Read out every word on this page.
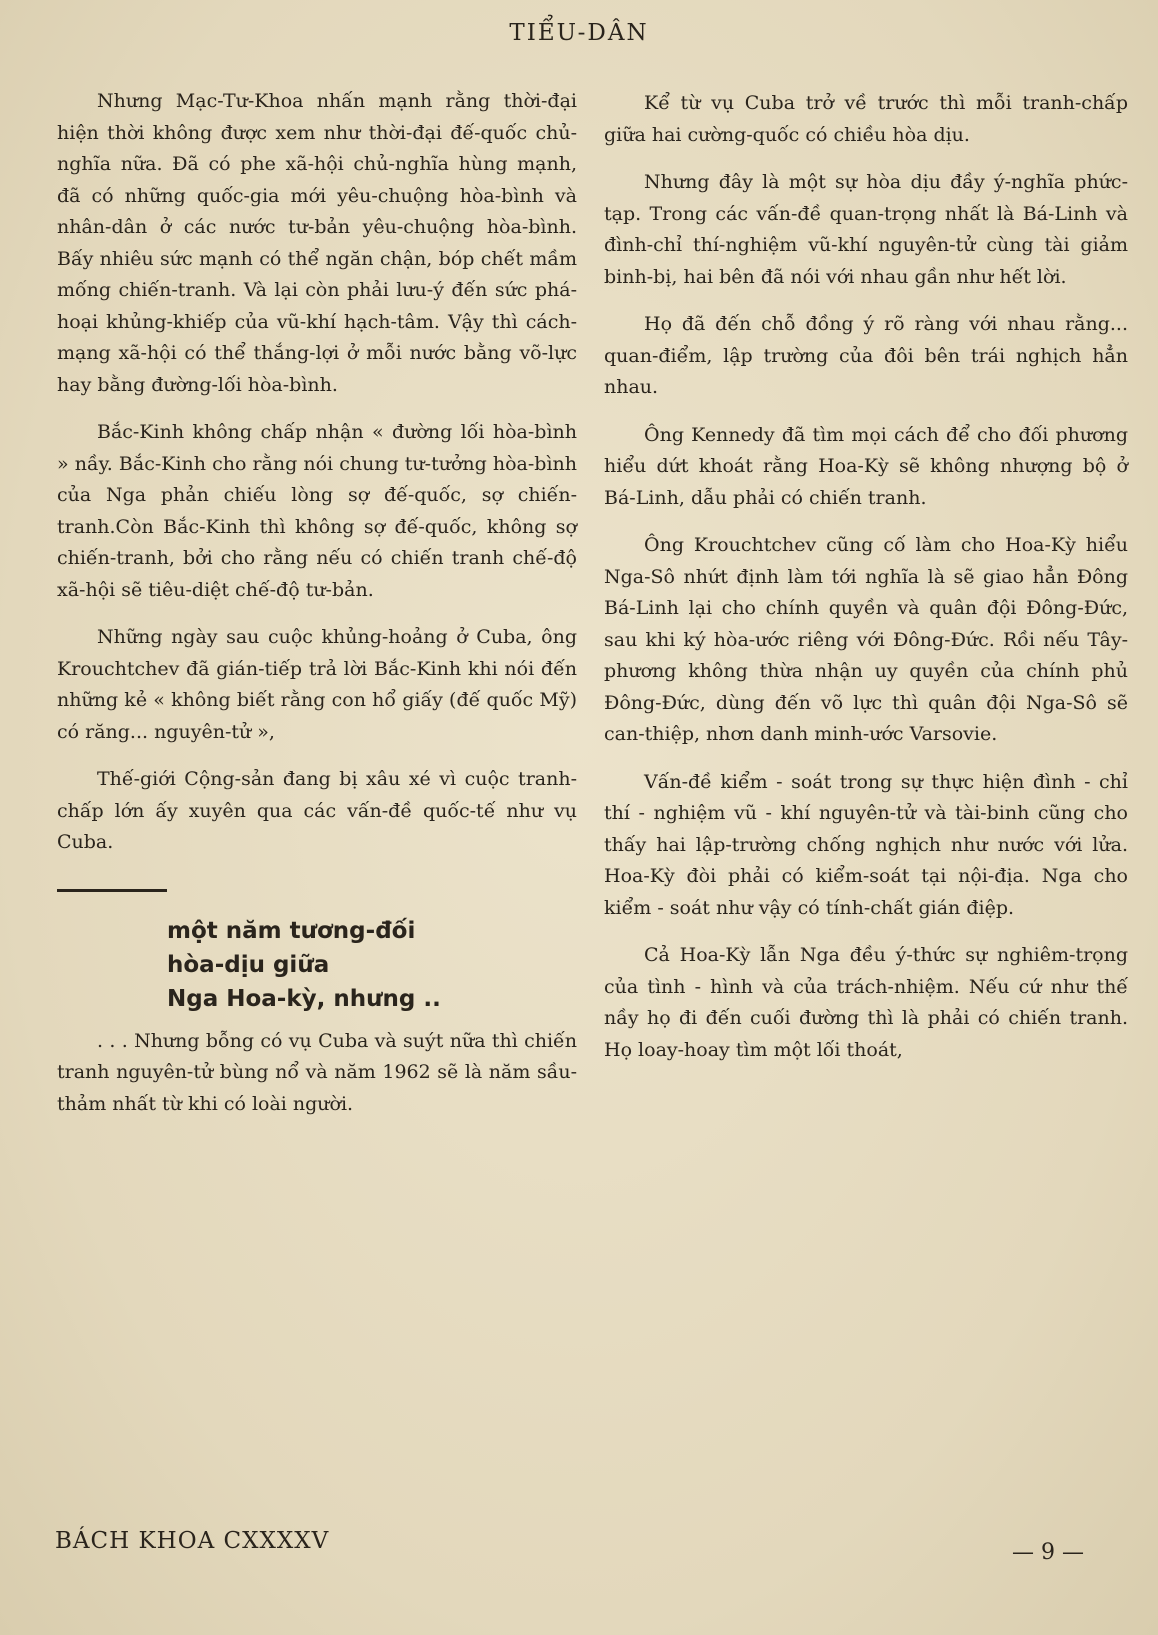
TIỂU-DÂN

Nhưng Mạc-Tư-Khoa nhấn mạnh rằng thời-đại hiện thời không được xem như thời-đại đế-quốc chủ-nghĩa nữa. Đã có phe xã-hội chủ-nghĩa hùng mạnh, đã có những quốc-gia mới yêu-chuộng hòa-bình và nhân-dân ở các nước tư-bản yêu-chuộng hòa-bình. Bấy nhiêu sức mạnh có thể ngăn chận, bóp chết mầm mống chiến-tranh. Và lại còn phải lưu-ý đến sức phá-hoại khủng-khiếp của vũ-khí hạch-tâm. Vậy thì cách-mạng xã-hội có thể thắng-lợi ở mỗi nước bằng võ-lực hay bằng đường-lối hòa-bình.

Bắc-Kinh không chấp nhận « đường lối hòa-bình » nầy. Bắc-Kinh cho rằng nói chung tư-tưởng hòa-bình của Nga phản chiếu lòng sợ đế-quốc, sợ chiến-tranh.Còn Bắc-Kinh thì không sợ đế-quốc, không sợ chiến-tranh, bởi cho rằng nếu có chiến tranh chế-độ xã-hội sẽ tiêu-diệt chế-độ tư-bản.

Những ngày sau cuộc khủng-hoảng ở Cuba, ông Krouchtchev đã gián-tiếp trả lời Bắc-Kinh khi nói đến những kẻ « không biết rằng con hổ giấy (đế quốc Mỹ) có răng... nguyên-tử »,

Thế-giới Cộng-sản đang bị xâu xé vì cuộc tranh-chấp lớn ấy xuyên qua các vấn-đề quốc-tế như vụ Cuba.

một năm tương-đối
hòa-dịu giữa
Nga Hoa-kỳ, nhưng ..

. . . Nhưng bỗng có vụ Cuba và suýt nữa thì chiến tranh nguyên-tử bùng nổ và năm 1962 sẽ là năm sầu-thảm nhất từ khi có loài người.

Kể từ vụ Cuba trở về trước thì mỗi tranh-chấp giữa hai cường-quốc có chiều hòa dịu.

Nhưng đây là một sự hòa dịu đầy ý-nghĩa phức-tạp. Trong các vấn-đề quan-trọng nhất là Bá-Linh và đình-chỉ thí-nghiệm vũ-khí nguyên-tử cùng tài giảm binh-bị, hai bên đã nói với nhau gần như hết lời.

Họ đã đến chỗ đồng ý rõ ràng với nhau rằng... quan-điểm, lập trường của đôi bên trái nghịch hẳn nhau.

Ông Kennedy đã tìm mọi cách để cho đối phương hiểu dứt khoát rằng Hoa-Kỳ sẽ không nhượng bộ ở Bá-Linh, dẫu phải có chiến tranh.

Ông Krouchtchev cũng cố làm cho Hoa-Kỳ hiểu Nga-Sô nhứt định làm tới nghĩa là sẽ giao hẳn Đông Bá-Linh lại cho chính quyền và quân đội Đông-Đức, sau khi ký hòa-ước riêng với Đông-Đức. Rồi nếu Tây-phương không thừa nhận uy quyền của chính phủ Đông-Đức, dùng đến võ lực thì quân đội Nga-Sô sẽ can-thiệp, nhơn danh minh-ước Varsovie.

Vấn-đề kiểm - soát trong sự thực hiện đình - chỉ thí - nghiệm vũ - khí nguyên-tử và tài-binh cũng cho thấy hai lập-trường chống nghịch như nước với lửa. Hoa-Kỳ đòi phải có kiểm-soát tại nội-địa. Nga cho kiểm - soát như vậy có tính-chất gián điệp.

Cả Hoa-Kỳ lẫn Nga đều ý-thức sự nghiêm-trọng của tình - hình và của trách-nhiệm. Nếu cứ như thế nầy họ đi đến cuối đường thì là phải có chiến tranh. Họ loay-hoay tìm một lối thoát,

BÁCH KHOA CXXXXV	— 9 —
